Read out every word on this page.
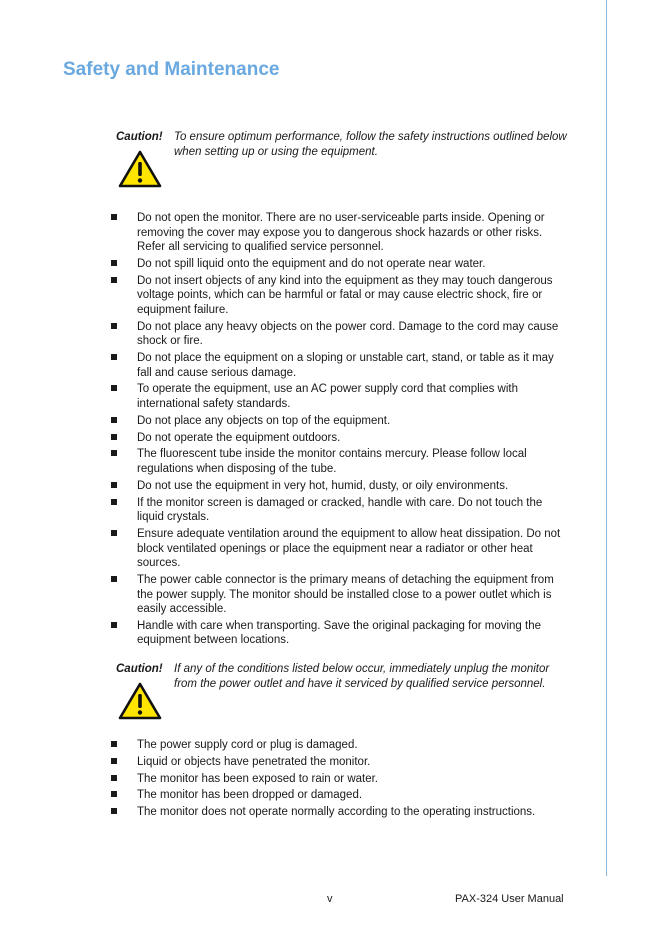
Safety and Maintenance
Caution! To ensure optimum performance, follow the safety instructions outlined below when setting up or using the equipment.
Do not open the monitor. There are no user-serviceable parts inside. Opening or removing the cover may expose you to dangerous shock hazards or other risks. Refer all servicing to qualified service personnel.
Do not spill liquid onto the equipment and do not operate near water.
Do not insert objects of any kind into the equipment as they may touch dangerous voltage points, which can be harmful or fatal or may cause electric shock, fire or equipment failure.
Do not place any heavy objects on the power cord. Damage to the cord may cause shock or fire.
Do not place the equipment on a sloping or unstable cart, stand, or table as it may fall and cause serious damage.
To operate the equipment, use an AC power supply cord that complies with international safety standards.
Do not place any objects on top of the equipment.
Do not operate the equipment outdoors.
The fluorescent tube inside the monitor contains mercury. Please follow local regulations when disposing of the tube.
Do not use the equipment in very hot, humid, dusty, or oily environments.
If the monitor screen is damaged or cracked, handle with care. Do not touch the liquid crystals.
Ensure adequate ventilation around the equipment to allow heat dissipation. Do not block ventilated openings or place the equipment near a radiator or other heat sources.
The power cable connector is the primary means of detaching the equipment from the power supply. The monitor should be installed close to a power outlet which is easily accessible.
Handle with care when transporting. Save the original packaging for moving the equipment between locations.
Caution! If any of the conditions listed below occur, immediately unplug the monitor from the power outlet and have it serviced by qualified service personnel.
The power supply cord or plug is damaged.
Liquid or objects have penetrated the monitor.
The monitor has been exposed to rain or water.
The monitor has been dropped or damaged.
The monitor does not operate normally according to the operating instructions.
v	PAX-324 User Manual
